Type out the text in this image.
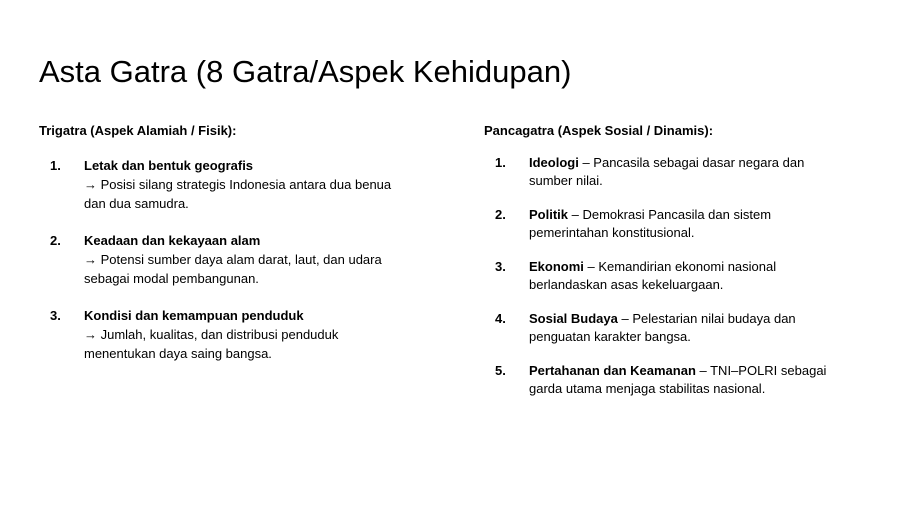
Asta Gatra (8 Gatra/Aspek Kehidupan)

Trigatra (Aspek Alamiah / Fisik):

1. Letak dan bentuk geografis
→ Posisi silang strategis Indonesia antara dua benua
dan dua samudra.
2. Keadaan dan kekayaan alam
→ Potensi sumber daya alam darat, laut, dan udara
sebagai modal pembangunan.
3. Kondisi dan kemampuan penduduk
→ Jumlah, kualitas, dan distribusi penduduk
menentukan daya saing bangsa.

Pancagatra (Aspek Sosial / Dinamis):

1. Ideologi – Pancasila sebagai dasar negara dan
sumber nilai.
2. Politik – Demokrasi Pancasila dan sistem
pemerintahan konstitusional.
3. Ekonomi – Kemandirian ekonomi nasional
berlandaskan asas kekeluargaan.
4. Sosial Budaya – Pelestarian nilai budaya dan
penguatan karakter bangsa.
5. Pertahanan dan Keamanan – TNI–POLRI sebagai
garda utama menjaga stabilitas nasional.
